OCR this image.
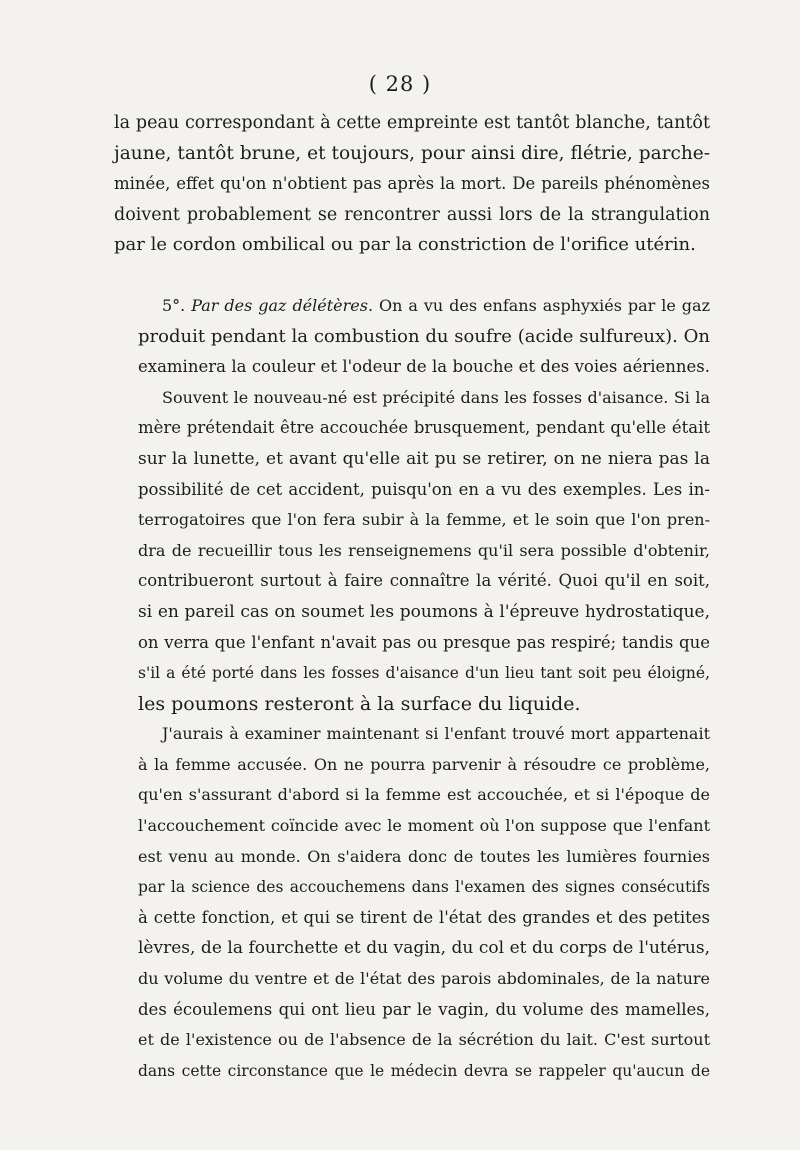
( 28 )

la peau correspondant à cette empreinte est tantôt blanche, tantôt
jaune, tantôt brune, et toujours, pour ainsi dire, flétrie, parche-
minée, effet qu'on n'obtient pas après la mort. De pareils phénomènes
doivent probablement se rencontrer aussi lors de la strangulation
par le cordon ombilical ou par la constriction de l'orifice utérin.

5°. Par des gaz délétères. On a vu des enfans asphyxiés par le gaz
produit pendant la combustion du soufre (acide sulfureux). On
examinera la couleur et l'odeur de la bouche et des voies aériennes.

Souvent le nouveau-né est précipité dans les fosses d'aisance. Si la
mère prétendait être accouchée brusquement, pendant qu'elle était
sur la lunette, et avant qu'elle ait pu se retirer, on ne niera pas la
possibilité de cet accident, puisqu'on en a vu des exemples. Les in-
terrogatoires que l'on fera subir à la femme, et le soin que l'on pren-
dra de recueillir tous les renseignemens qu'il sera possible d'obtenir,
contribueront surtout à faire connaître la vérité. Quoi qu'il en soit,
si en pareil cas on soumet les poumons à l'épreuve hydrostatique,
on verra que l'enfant n'avait pas ou presque pas respiré; tandis que
s'il a été porté dans les fosses d'aisance d'un lieu tant soit peu éloigné,
les poumons resteront à la surface du liquide.

J'aurais à examiner maintenant si l'enfant trouvé mort appartenait
à la femme accusée. On ne pourra parvenir à résoudre ce problème,
qu'en s'assurant d'abord si la femme est accouchée, et si l'époque de
l'accouchement coïncide avec le moment où l'on suppose que l'enfant
est venu au monde. On s'aidera donc de toutes les lumières fournies
par la science des accouchemens dans l'examen des signes consécutifs
à cette fonction, et qui se tirent de l'état des grandes et des petites
lèvres, de la fourchette et du vagin, du col et du corps de l'utérus,
du volume du ventre et de l'état des parois abdominales, de la nature
des écoulemens qui ont lieu par le vagin, du volume des mamelles,
et de l'existence ou de l'absence de la sécrétion du lait. C'est surtout
dans cette circonstance que le médecin devra se rappeler qu'aucun de
